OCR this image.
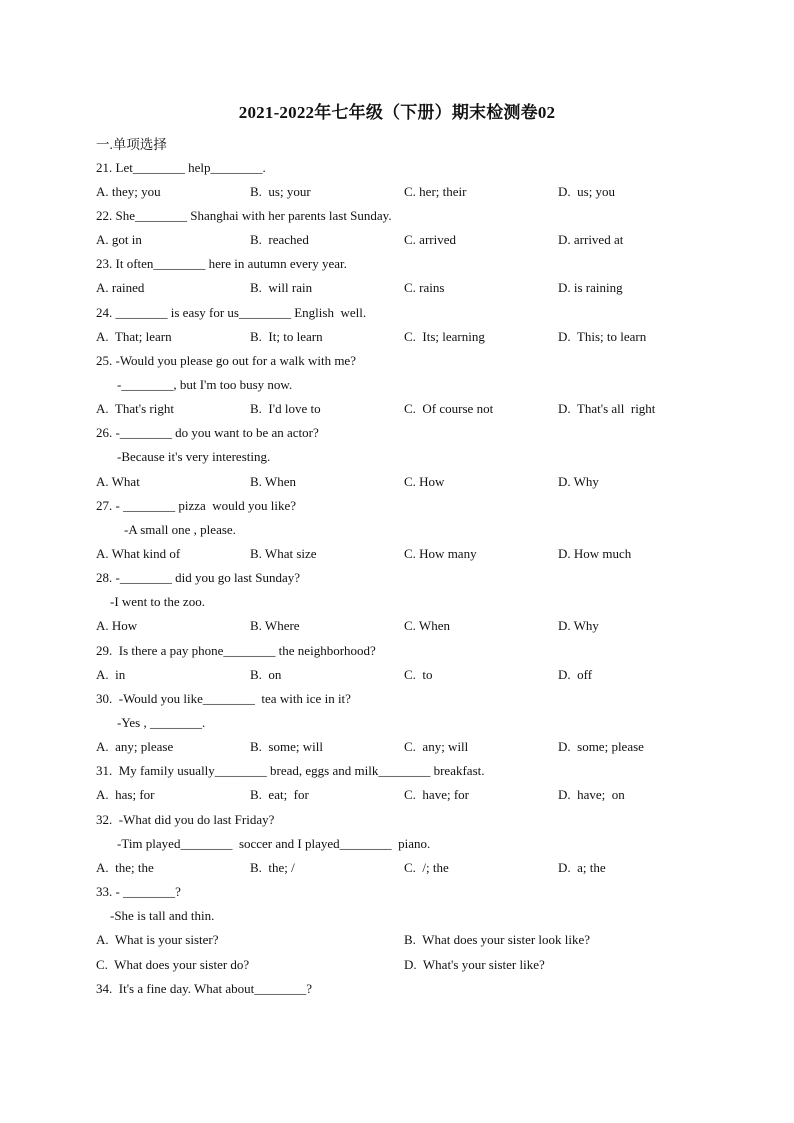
2021-2022年七年级（下册）期末检测卷02
一.单项选择
21. Let________ help________.
A. they; you	B.  us; your	C. her; their	D.  us; you
22. She________ Shanghai with her parents last Sunday.
A. got in	B.  reached	C. arrived	D. arrived at
23. It often________ here in autumn every year.
A. rained	B.  will rain	C. rains	D. is raining
24. ________ is easy for us________ English  well.
A.  That; learn	B.  It; to learn	C.  Its; learning	D.  This; to learn
25. -Would you please go out for a walk with me?
-________, but I'm too busy now.
A.  That's right	B.  I'd love to	C.  Of course not	D.  That's all  right
26. -________ do you want to be an actor?
-Because it's very interesting.
A. What	B. When	C. How	D. Why
27. - ________ pizza  would you like?
-A small one , please.
A. What kind of	B. What size	C. How many	D. How much
28. -________ did you go last Sunday?
-I went to the zoo.
A. How	B. Where	C. When	D. Why
29.  Is there a pay phone________ the neighborhood?
A.  in	B.  on	C.  to	D.  off
30.  -Would you like________  tea with ice in it?
-Yes , ________.
A.  any; please	B.  some; will	C.  any; will	D.  some; please
31.  My family usually________ bread, eggs and milk________ breakfast.
A.  has; for	B.  eat;  for	C.  have; for	D.  have;  on
32.  -What did you do last Friday?
-Tim played________  soccer and I played________  piano.
A.  the; the	B.  the; /	C.  /; the	D.  a; the
33. - ________?
-She is tall and thin.
A.  What is your sister?	B.  What does your sister look like?
C.  What does your sister do?	D.  What's your sister like?
34.  It's a fine day. What about________?
